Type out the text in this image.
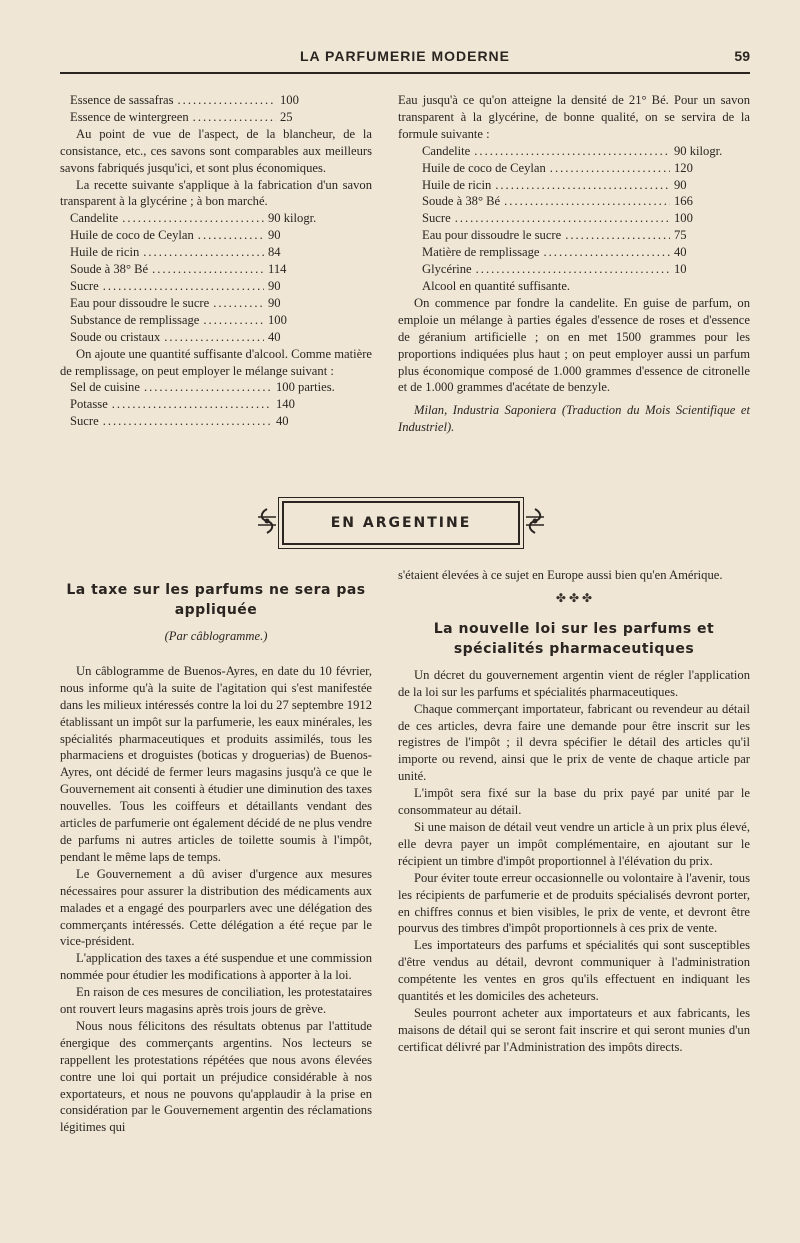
LA PARFUMERIE MODERNE	59
Essence de sassafras .....	100
Essence de wintergreen .....	25

Au point de vue de l'aspect, de la blancheur, de la consistance, etc., ces savons sont comparables aux meilleurs savons fabriqués jusqu'ici, et sont plus économiques.

La recette suivante s'applique à la fabrication d'un savon transparent à la glycérine ; à bon marché.

Candelite .....	90 kilogr.
Huile de coco de Ceylan .....	90
Huile de ricin .....	84
Soude à 38° Bé .....	114
Sucre .....	90
Eau pour dissoudre le sucre .....	90
Substance de remplissage .....	100
Soude ou cristaux .....	40

On ajoute une quantité suffisante d'alcool. Comme matière de remplissage, on peut employer le mélange suivant :

Sel de cuisine .....	100 parties.
Potasse .....	140
Sucre .....	40

Eau jusqu'à ce qu'on atteigne la densité de 21° Bé. Pour un savon transparent à la glycérine, de bonne qualité, on se servira de la formule suivante :

Candelite .....	90 kilogr.
Huile de coco de Ceylan .....	120
Huile de ricin .....	90
Soude à 38° Bé .....	166
Sucre .....	100
Eau pour dissoudre le sucre .....	75
Matière de remplissage .....	40
Glycérine .....	10

Alcool en quantité suffisante.

On commence par fondre la candelite. En guise de parfum, on emploie un mélange à parties égales d'essence de roses et d'essence de géranium artificielle ; on en met 1500 grammes pour les proportions indiquées plus haut ; on peut employer aussi un parfum plus économique composé de 1.000 grammes d'essence de citronelle et de 1.000 grammes d'acétate de benzyle.

Milan, Industria Saponiera (Traduction du Mois Scientifique et Industriel).

EN ARGENTINE
La taxe sur les parfums ne sera pas appliquée

(Par câblogramme.)

Un câblogramme de Buenos-Ayres, en date du 10 février, nous informe qu'à la suite de l'agitation qui s'est manifestée dans les milieux intéressés contre la loi du 27 septembre 1912 établissant un impôt sur la parfumerie, les eaux minérales, les spécialités pharmaceutiques et produits assimilés, tous les pharmaciens et droguistes (boticas y droguerias) de Buenos-Ayres, ont décidé de fermer leurs magasins jusqu'à ce que le Gouvernement ait consenti à étudier une diminution des taxes nouvelles. Tous les coiffeurs et détaillants vendant des articles de parfumerie ont également décidé de ne plus vendre de parfums ni autres articles de toilette soumis à l'impôt, pendant le même laps de temps.

Le Gouvernement a dû aviser d'urgence aux mesures nécessaires pour assurer la distribution des médicaments aux malades et a engagé des pourparlers avec une délégation des commerçants intéressés. Cette délégation a été reçue par le vice-président.

L'application des taxes a été suspendue et une commission nommée pour étudier les modifications à apporter à la loi.

En raison de ces mesures de conciliation, les protestataires ont rouvert leurs magasins après trois jours de grève.

Nous nous félicitons des résultats obtenus par l'attitude énergique des commerçants argentins. Nos lecteurs se rappellent les protestations répétées que nous avons élevées contre une loi qui portait un préjudice considérable à nos exportateurs, et nous ne pouvons qu'applaudir à la prise en considération par le Gouvernement argentin des réclamations légitimes qui

s'étaient élevées à ce sujet en Europe aussi bien qu'en Amérique.

✤ ✤ ✤

La nouvelle loi sur les parfums et spécialités pharmaceutiques

Un décret du gouvernement argentin vient de régler l'application de la loi sur les parfums et spécialités pharmaceutiques.

Chaque commerçant importateur, fabricant ou revendeur au détail de ces articles, devra faire une demande pour être inscrit sur les registres de l'impôt ; il devra spécifier le détail des articles qu'il importe ou revend, ainsi que le prix de vente de chaque article par unité.

L'impôt sera fixé sur la base du prix payé par unité par le consommateur au détail.

Si une maison de détail veut vendre un article à un prix plus élevé, elle devra payer un impôt complémentaire, en ajoutant sur le récipient un timbre d'impôt proportionnel à l'élévation du prix.

Pour éviter toute erreur occasionnelle ou volontaire à l'avenir, tous les récipients de parfumerie et de produits spécialisés devront porter, en chiffres connus et bien visibles, le prix de vente, et devront être pourvus des timbres d'impôt proportionnels à ces prix de vente.

Les importateurs des parfums et spécialités qui sont susceptibles d'être vendus au détail, devront communiquer à l'administration compétente les ventes en gros qu'ils effectuent en indiquant les quantités et les domiciles des acheteurs.

Seules pourront acheter aux importateurs et aux fabricants, les maisons de détail qui se seront fait inscrire et qui seront munies d'un certificat délivré par l'Administration des impôts directs.
